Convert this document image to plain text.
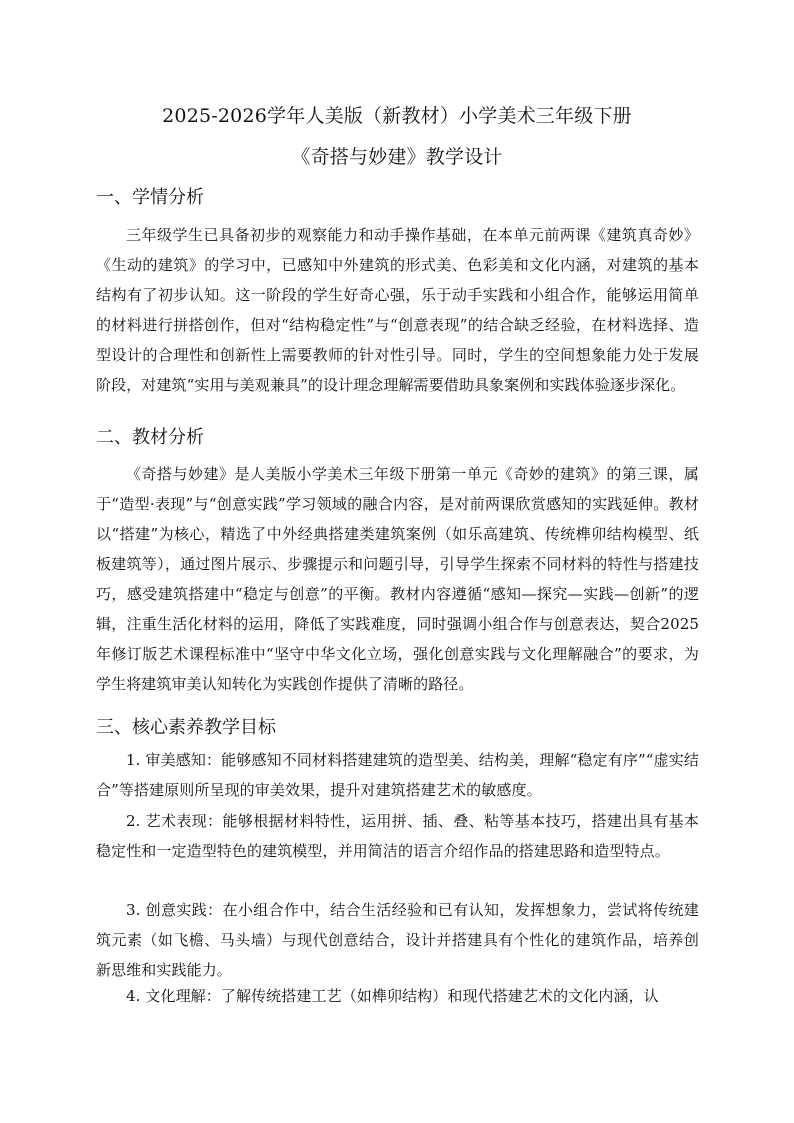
2025-2026学年人美版（新教材）小学美术三年级下册
《奇搭与妙建》教学设计
一、学情分析

三年级学生已具备初步的观察能力和动手操作基础，在本单元前两课《建筑真奇妙》《生动的建筑》的学习中，已感知中外建筑的形式美、色彩美和文化内涵，对建筑的基本结构有了初步认知。这一阶段的学生好奇心强，乐于动手实践和小组合作，能够运用简单的材料进行拼搭创作，但对“结构稳定性”与“创意表现”的结合缺乏经验，在材料选择、造型设计的合理性和创新性上需要教师的针对性引导。同时，学生的空间想象能力处于发展阶段，对建筑“实用与美观兼具”的设计理念理解需要借助具象案例和实践体验逐步深化。

二、教材分析

《奇搭与妙建》是人美版小学美术三年级下册第一单元《奇妙的建筑》的第三课，属于“造型·表现”与“创意实践”学习领域的融合内容，是对前两课欣赏感知的实践延伸。教材以“搭建”为核心，精选了中外经典搭建类建筑案例（如乐高建筑、传统榫卯结构模型、纸板建筑等），通过图片展示、步骤提示和问题引导，引导学生探索不同材料的特性与搭建技巧，感受建筑搭建中“稳定与创意”的平衡。教材内容遵循“感知—探究—实践—创新”的逻辑，注重生活化材料的运用，降低了实践难度，同时强调小组合作与创意表达，契合2025年修订版艺术课程标准中“坚守中华文化立场，强化创意实践与文化理解融合”的要求，为学生将建筑审美认知转化为实践创作提供了清晰的路径。

三、核心素养教学目标

1. 审美感知：能够感知不同材料搭建建筑的造型美、结构美，理解“稳定有序”“虚实结合”等搭建原则所呈现的审美效果，提升对建筑搭建艺术的敏感度。

2. 艺术表现：能够根据材料特性，运用拼、插、叠、粘等基本技巧，搭建出具有基本稳定性和一定造型特色的建筑模型，并用简洁的语言介绍作品的搭建思路和造型特点。

3. 创意实践：在小组合作中，结合生活经验和已有认知，发挥想象力，尝试将传统建筑元素（如飞檐、马头墙）与现代创意结合，设计并搭建具有个性化的建筑作品，培养创新思维和实践能力。

4. 文化理解：了解传统搭建工艺（如榫卯结构）和现代搭建艺术的文化内涵，认
